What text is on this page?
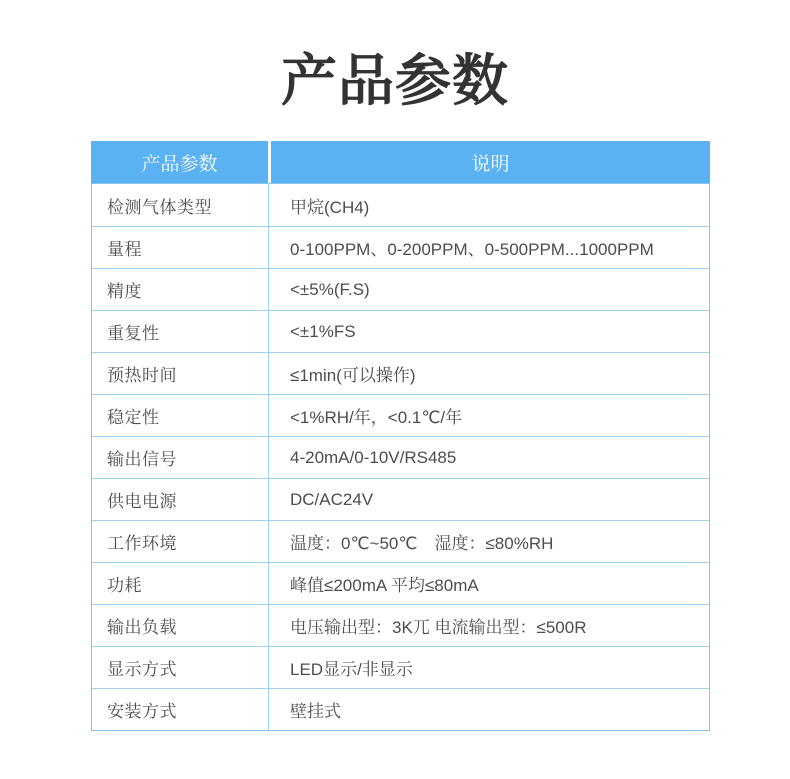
产品参数
产品参数	说明
检测气体类型	甲烷(CH4)
量程	0-100PPM、0-200PPM、0-500PPM...1000PPM
精度	<±5%(F.S)
重复性	<±1%FS
预热时间	≤1min(可以操作)
稳定性	<1%RH/年，<0.1℃/年
输出信号	4-20mA/0-10V/RS485
供电电源	DC/AC24V
工作环境	温度：0℃~50℃　湿度：≤80%RH
功耗	峰值≤200mA 平均≤80mA
输出负载	电压输出型：3K兀 电流输出型：≤500R
显示方式	LED显示/非显示
安装方式	壁挂式
